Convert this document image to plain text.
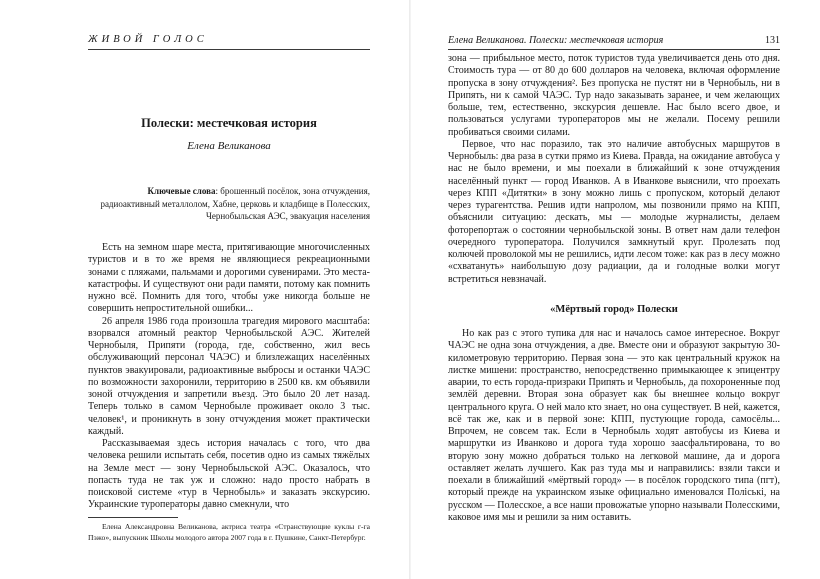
ЖИВОЙ ГОЛОС
Полески: местечковая история

Елена Великанова

Ключевые слова: брошенный посёлок, зона отчуждения, радиоактивный металлолом, Хабне, церковь и кладбище в Полесских, Чернобыльская АЭС, эвакуация населения

Есть на земном шаре места, притягивающие многочисленных туристов и в то же время не являющиеся рекреационными зонами с пляжами, пальмами и дорогими сувенирами. Это места-катастрофы. И существуют они ради памяти, потому как помнить нужно всё. Помнить для того, чтобы уже никогда больше не совершить непростительной ошибки...

26 апреля 1986 года произошла трагедия мирового масштаба: взорвался атомный реактор Чернобыльской АЭС. Жителей Чернобыля, Припяти (города, где, собственно, жил весь обслуживающий персонал ЧАЭС) и близлежащих населённых пунктов эвакуировали, радиоактивные выбросы и останки ЧАЭС по возможности захоронили, территорию в 2500 кв. км объявили зоной отчуждения и запретили въезд. Это было 20 лет назад. Теперь только в самом Чернобыле проживает около 3 тыс. человек¹, и проникнуть в зону отчуждения может практически каждый.

Рассказываемая здесь история началась с того, что два человека решили испытать себя, посетив одно из самых тяжёлых на Земле мест — зону Чернобыльской АЭС. Оказалось, что попасть туда не так уж и сложно: надо просто набрать в поисковой системе «тур в Чернобыль» и заказать экскурсию. Украинские туроператоры давно смекнули, что

Елена Александровна Великанова, актриса театра «Странствующие куклы г-га Пэжо», выпускник Школы молодого автора 2007 года в г. Пушкине, Санкт-Петербург.

Елена Великанова. Полески: местечковая история	131

зона — прибыльное место, поток туристов туда увеличивается день ото дня. Стоимость тура — от 80 до 600 долларов на человека, включая оформление пропуска в зону отчуждения². Без пропуска не пустят ни в Чернобыль, ни в Припять, ни к самой ЧАЭС. Тур надо заказывать заранее, и чем желающих больше, тем, естественно, экскурсия дешевле. Нас было всего двое, и пользоваться услугами туроператоров мы не желали. Посему решили пробиваться своими силами.

Первое, что нас поразило, так это наличие автобусных маршрутов в Чернобыль: два раза в сутки прямо из Киева. Правда, на ожидание автобуса у нас не было времени, и мы поехали в ближайший к зоне отчуждения населённый пункт — город Иванков. А в Иванкове выяснили, что проехать через КПП «Дитятки» в зону можно лишь с пропуском, который делают через турагентства. Решив идти напролом, мы позвонили прямо на КПП, объяснили ситуацию: дескать, мы — молодые журналисты, делаем фоторепортаж о состоянии чернобыльской зоны. В ответ нам дали телефон очередного туроператора. Получился замкнутый круг. Пролезать под колючей проволокой мы не решились, идти лесом тоже: как раз в лесу можно «схватануть» наибольшую дозу радиации, да и голодные волки могут встретиться невзначай.

«Мёртвый город» Полески

Но как раз с этого тупика для нас и началось самое интересное. Вокруг ЧАЭС не одна зона отчуждения, а две. Вместе они и образуют закрытую 30-километровую территорию. Первая зона — это как центральный кружок на листке мишени: пространство, непосредственно примыкающее к эпицентру аварии, то есть города-призраки Припять и Чернобыль, да похороненные под землёй деревни. Вторая зона образует как бы внешнее кольцо вокруг центрального круга. О ней мало кто знает, но она существует. В ней, кажется, всё так же, как и в первой зоне: КПП, пустующие города, самосёлы... Впрочем, не совсем так. Если в Чернобыль ходят автобусы из Киева и маршрутки из Иванково и дорога туда хорошо заасфальтирована, то во вторую зону можно добраться только на легковой машине, да и дорога оставляет желать лучшего. Как раз туда мы и направились: взяли такси и поехали в ближайший «мёртвый город» — в посёлок городского типа (пгт), который прежде на украинском языке официально именовался Полiськi, на русском — Полесское, а все наши провожатые упорно называли Полесскими, каковое имя мы и решили за ним оставить.
